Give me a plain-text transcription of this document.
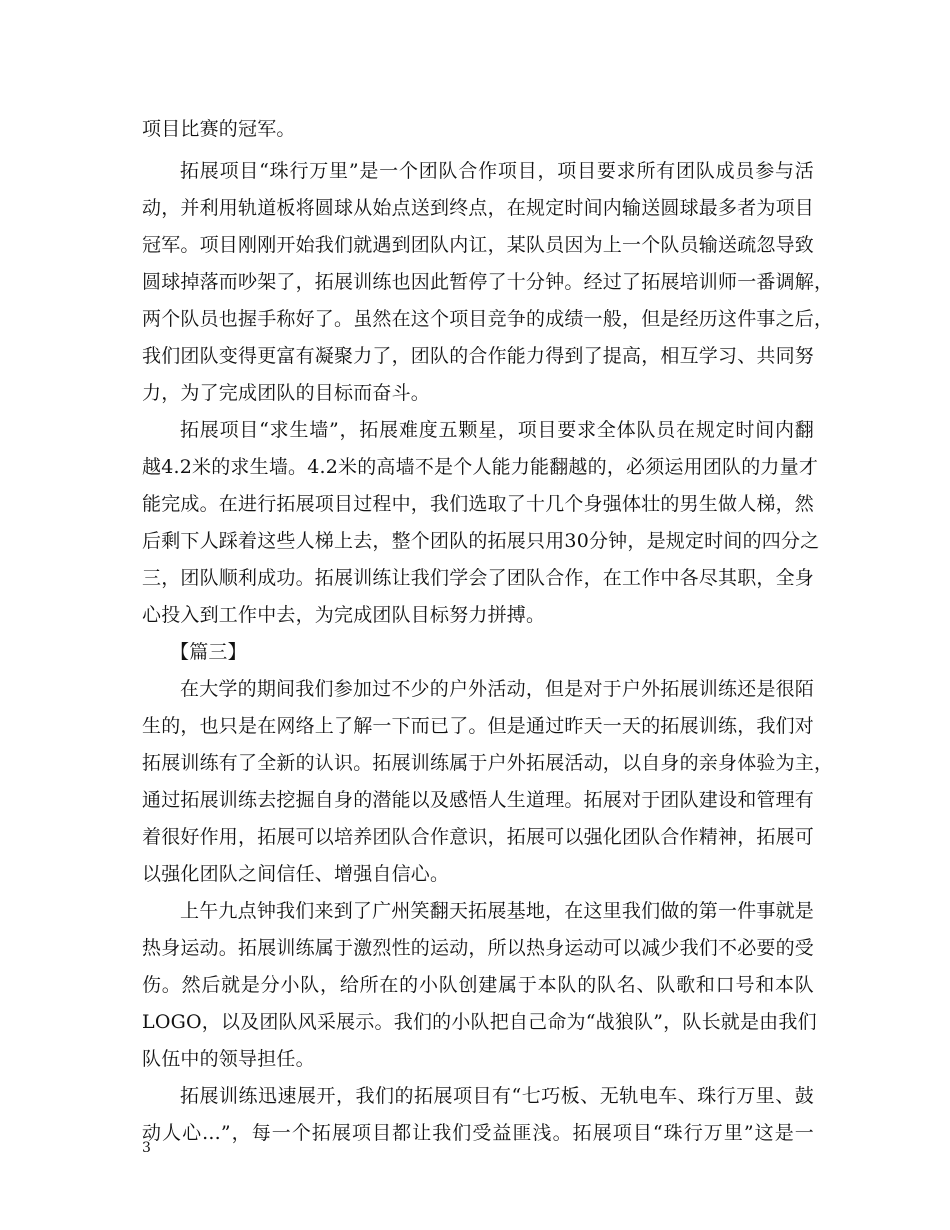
项目比赛的冠军。
拓展项目“珠行万里”是一个团队合作项目，项目要求所有团队成员参与活
动，并利用轨道板将圆球从始点送到终点，在规定时间内输送圆球最多者为项目
冠军。项目刚刚开始我们就遇到团队内讧，某队员因为上一个队员输送疏忽导致
圆球掉落而吵架了，拓展训练也因此暂停了十分钟。经过了拓展培训师一番调解，
两个队员也握手称好了。虽然在这个项目竞争的成绩一般，但是经历这件事之后，
我们团队变得更富有凝聚力了，团队的合作能力得到了提高，相互学习、共同努
力，为了完成团队的目标而奋斗。
拓展项目“求生墙”，拓展难度五颗星，项目要求全体队员在规定时间内翻
越4.2米的求生墙。4.2米的高墙不是个人能力能翻越的，必须运用团队的力量才
能完成。在进行拓展项目过程中，我们选取了十几个身强体壮的男生做人梯，然
后剩下人踩着这些人梯上去，整个团队的拓展只用30分钟，是规定时间的四分之
三，团队顺利成功。拓展训练让我们学会了团队合作，在工作中各尽其职，全身
心投入到工作中去，为完成团队目标努力拼搏。
【篇三】
在大学的期间我们参加过不少的户外活动，但是对于户外拓展训练还是很陌
生的，也只是在网络上了解一下而已了。但是通过昨天一天的拓展训练，我们对
拓展训练有了全新的认识。拓展训练属于户外拓展活动，以自身的亲身体验为主，
通过拓展训练去挖掘自身的潜能以及感悟人生道理。拓展对于团队建设和管理有
着很好作用，拓展可以培养团队合作意识，拓展可以强化团队合作精神，拓展可
以强化团队之间信任、增强自信心。
上午九点钟我们来到了广州笑翻天拓展基地，在这里我们做的第一件事就是
热身运动。拓展训练属于激烈性的运动，所以热身运动可以减少我们不必要的受
伤。然后就是分小队，给所在的小队创建属于本队的队名、队歌和口号和本队
LOGO，以及团队风采展示。我们的小队把自己命为“战狼队”，队长就是由我们
队伍中的领导担任。
拓展训练迅速展开，我们的拓展项目有“七巧板、无轨电车、珠行万里、鼓
动人心...”，每一个拓展项目都让我们受益匪浅。拓展项目“珠行万里”这是一
3
